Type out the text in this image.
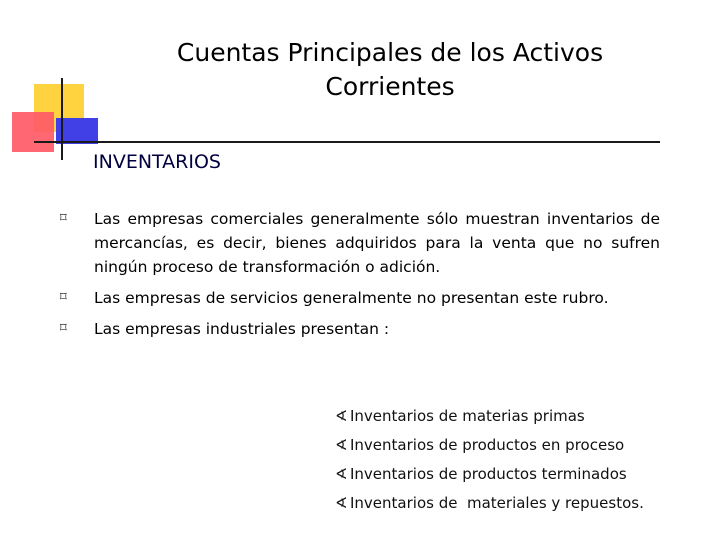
Cuentas Principales de los Activos
Corrientes
INVENTARIOS
⌑ Las empresas comerciales generalmente sólo muestran inventarios de mercancías, es decir, bienes adquiridos para la venta que no sufren ningún proceso de transformación o adición.
⌑ Las empresas de servicios generalmente no presentan este rubro.
⌑ Las empresas industriales presentan :
∢ Inventarios de materias primas
∢ Inventarios de productos en proceso
∢ Inventarios de productos terminados
∢ Inventarios de  materiales y repuestos.
